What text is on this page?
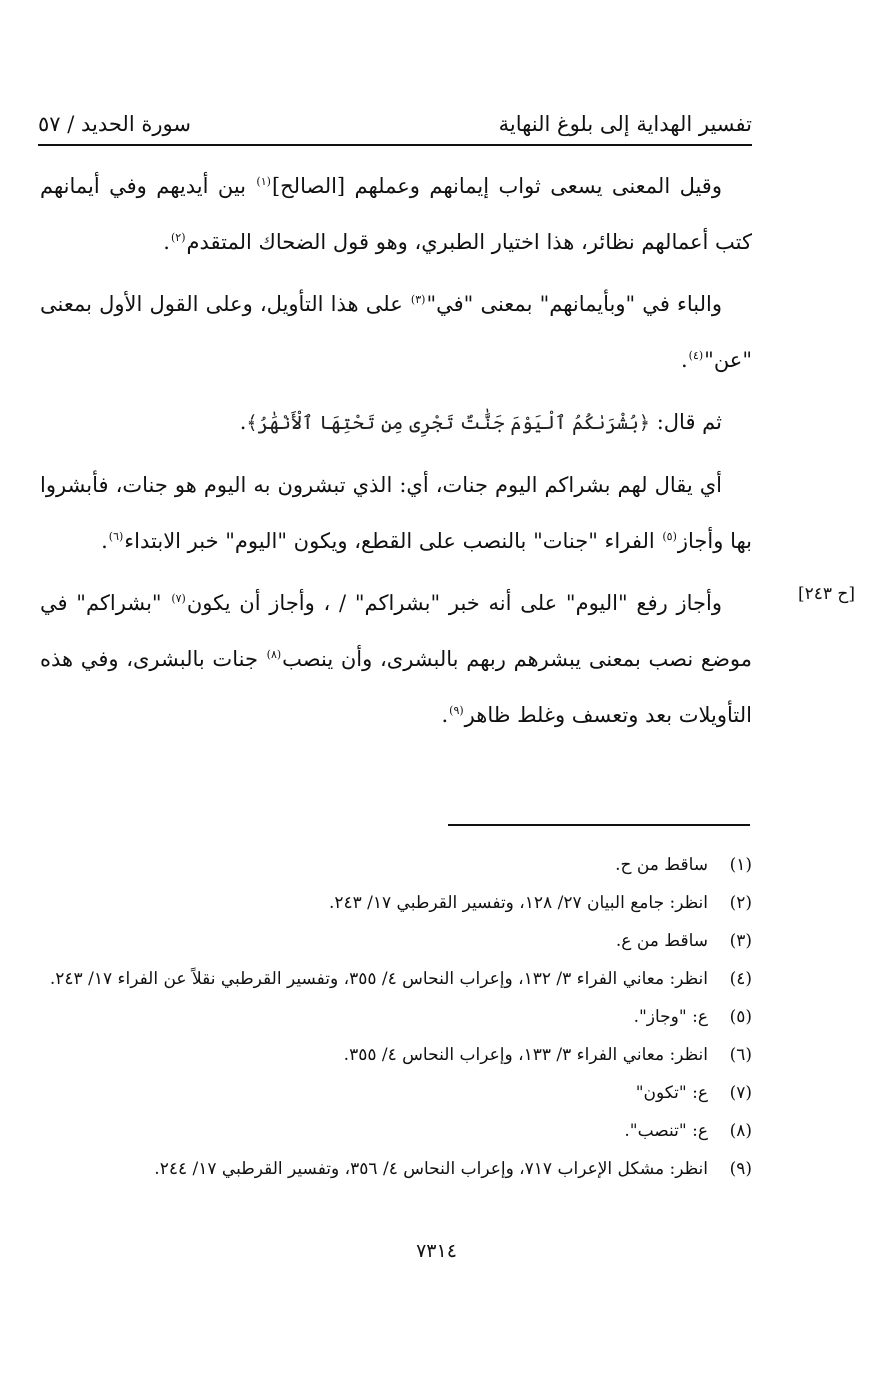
تفسير الهداية إلى بلوغ النهاية
سورة الحديد / ٥٧

وقيل المعنى يسعى ثواب إيمانهم وعملهم [الصالح]$^{(١)}$ بين أيديهم وفي أيمانهم كتب أعمالهم نظائر، هذا اختيار الطبري، وهو قول الضحاك المتقدم$^{(٢)}$.

والباء في "وبأيمانهم" بمعنى "في"$^{(٣)}$ على هذا التأويل، وعلى القول الأول بمعنى "عن"$^{(٤)}$.

ثم قال: ﴿بُشْرَىٰكُمُ ٱلْيَوْمَ جَنَّٰتٌ تَجْرِى مِن تَحْتِهَا ٱلْأَنْهَٰرُ﴾.

أي يقال لهم بشراكم اليوم جنات، أي: الذي تبشرون به اليوم هو جنات، فأبشروا بها وأجاز$^{(٥)}$ الفراء "جنات" بالنصب على القطع، ويكون "اليوم" خبر الابتداء$^{(٦)}$.

وأجاز رفع "اليوم" على أنه خبر "بشراكم" / ، وأجاز أن يكون$^{(٧)}$ "بشراكم" في موضع نصب بمعنى يبشرهم ربهم بالبشرى، وأن ينصب$^{(٨)}$ جنات بالبشرى، وفي هذه التأويلات بعد وتعسف وغلط ظاهر$^{(٩)}$.

[ح ٢٤٣]
(١)
ساقط من ح.
(٢)
انظر: جامع البيان ٢٧/ ١٢٨، وتفسير القرطبي ١٧/ ٢٤٣.
(٣)
ساقط من ع.
(٤)
انظر: معاني الفراء ٣/ ١٣٢، وإعراب النحاس ٤/ ٣٥٥، وتفسير القرطبي نقلاً عن الفراء ١٧/ ٢٤٣.
(٥)
ع: "وجاز".
(٦)
انظر: معاني الفراء ٣/ ١٣٣، وإعراب النحاس ٤/ ٣٥٥.
(٧)
ع: "تكون"
(٨)
ع: "تنصب".
(٩)
انظر: مشكل الإعراب ٧١٧، وإعراب النحاس ٤/ ٣٥٦، وتفسير القرطبي ١٧/ ٢٤٤.
٧٣١٤
